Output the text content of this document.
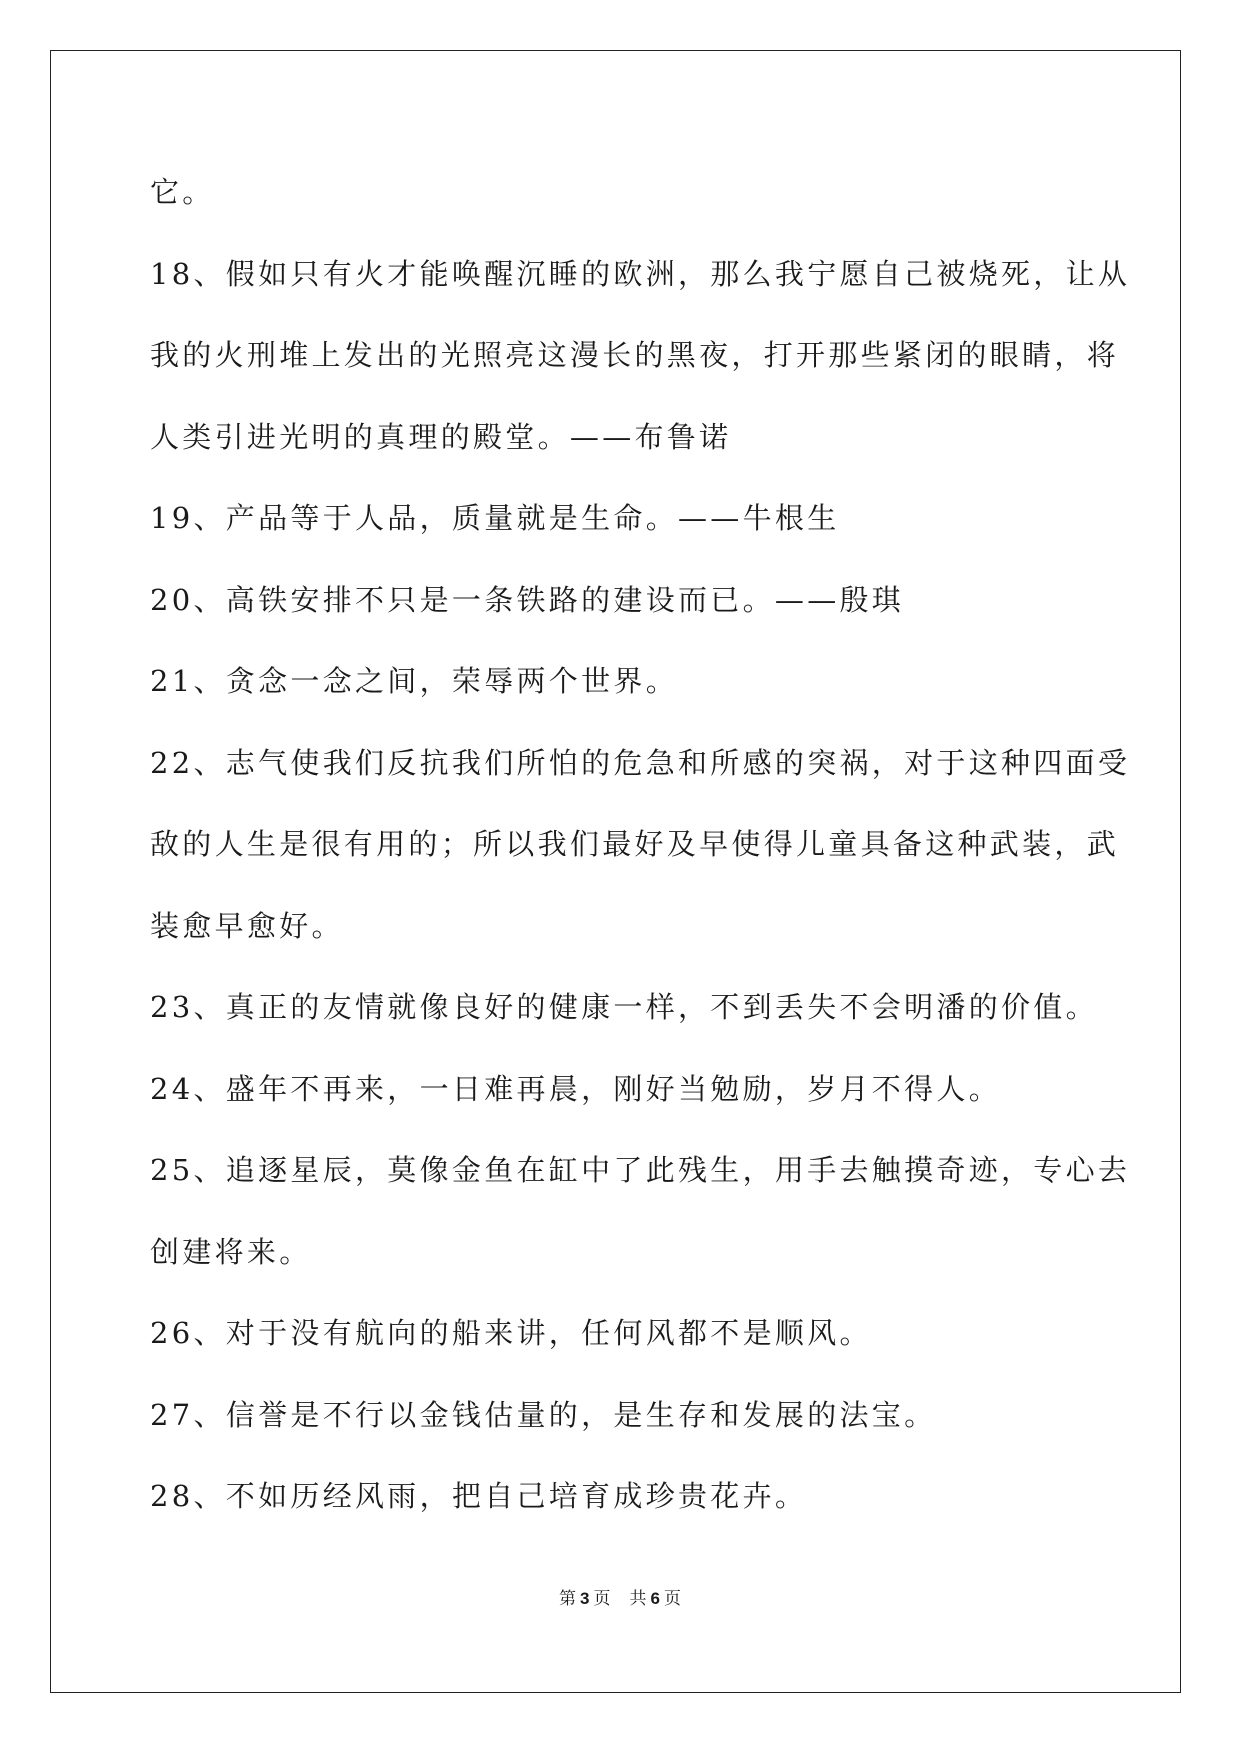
它。
18、假如只有火才能唤醒沉睡的欧洲，那么我宁愿自己被烧死，让从
我的火刑堆上发出的光照亮这漫长的黑夜，打开那些紧闭的眼睛，将
人类引进光明的真理的殿堂。——布鲁诺
19、产品等于人品，质量就是生命。——牛根生
20、高铁安排不只是一条铁路的建设而已。——殷琪
21、贪念一念之间，荣辱两个世界。
22、志气使我们反抗我们所怕的危急和所感的突祸，对于这种四面受
敌的人生是很有用的；所以我们最好及早使得儿童具备这种武装，武
装愈早愈好。
23、真正的友情就像良好的健康一样，不到丢失不会明潘的价值。
24、盛年不再来，一日难再晨，刚好当勉励，岁月不得人。
25、追逐星辰，莫像金鱼在缸中了此残生，用手去触摸奇迹，专心去
创建将来。
26、对于没有航向的船来讲，任何风都不是顺风。
27、信誉是不行以金钱估量的，是生存和发展的法宝。
28、不如历经风雨，把自己培育成珍贵花卉。
第 3 页 共 6 页
